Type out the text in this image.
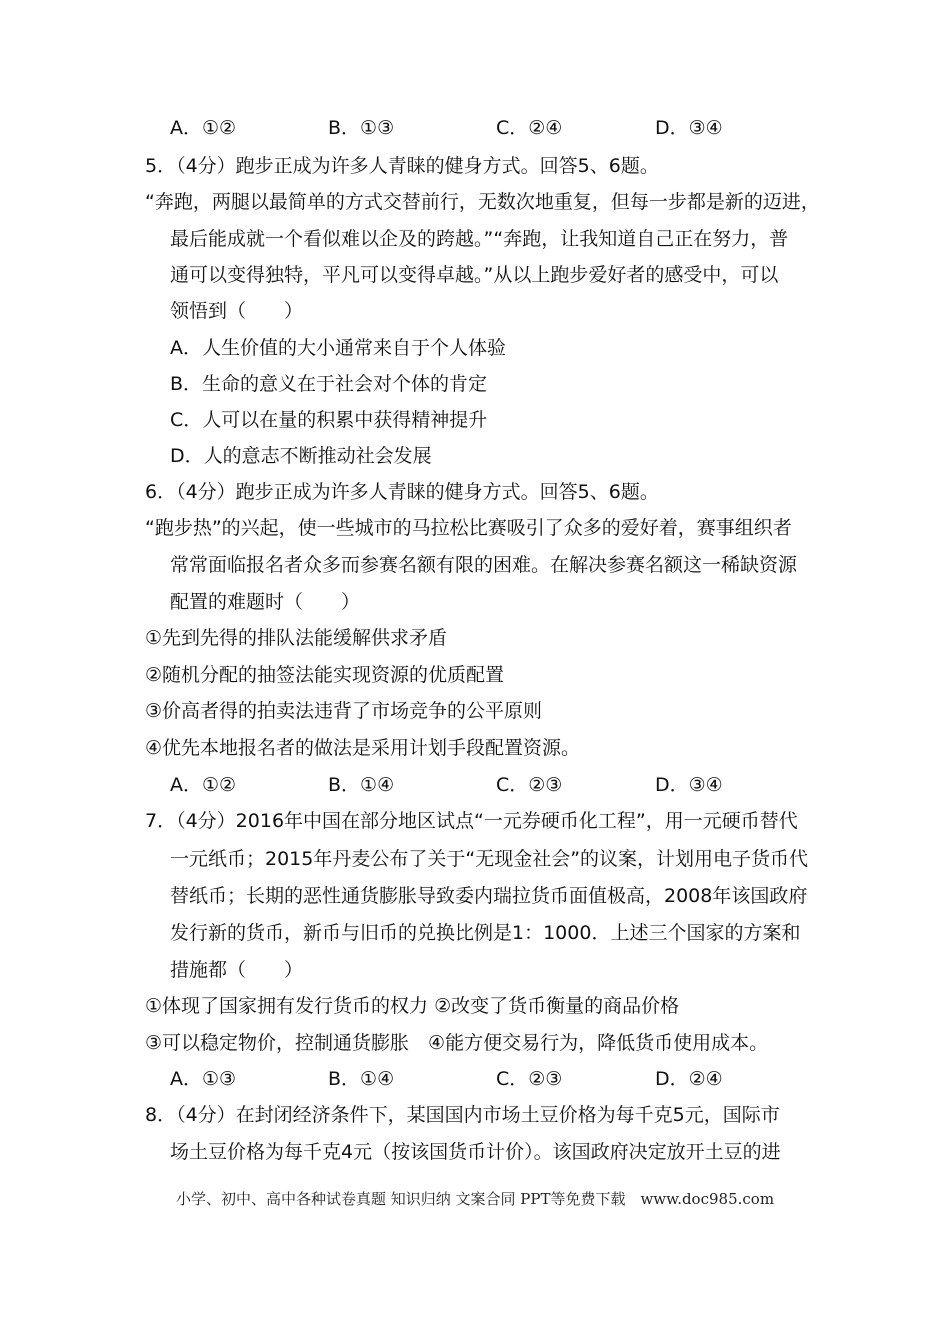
A．①②	B．①③	C．②④	D．③④
5．（4分）跑步正成为许多人青睐的健身方式。回答5、6题。
“奔跑，两腿以最简单的方式交替前行，无数次地重复，但每一步都是新的迈进，
最后能成就一个看似难以企及的跨越。”“奔跑，让我知道自己正在努力，普
通可以变得独特，平凡可以变得卓越。”从以上跑步爱好者的感受中，可以
领悟到（　　）
A．人生价值的大小通常来自于个人体验
B．生命的意义在于社会对个体的肯定
C．人可以在量的积累中获得精神提升
D．人的意志不断推动社会发展
6．（4分）跑步正成为许多人青睐的健身方式。回答5、6题。
“跑步热”的兴起，使一些城市的马拉松比赛吸引了众多的爱好着，赛事组织者
常常面临报名者众多而参赛名额有限的困难。在解决参赛名额这一稀缺资源
配置的难题时（　　）
①先到先得的排队法能缓解供求矛盾
②随机分配的抽签法能实现资源的优质配置
③价高者得的拍卖法违背了市场竞争的公平原则
④优先本地报名者的做法是采用计划手段配置资源。
A．①②	B．①④	C．②③	D．③④
7．（4分）2016年中国在部分地区试点“一元券硬币化工程”，用一元硬币替代
一元纸币；2015年丹麦公布了关于“无现金社会”的议案，计划用电子货币代
替纸币；长期的恶性通货膨胀导致委内瑞拉货币面值极高，2008年该国政府
发行新的货币，新币与旧币的兑换比例是1：1000．上述三个国家的方案和
措施都（　　）
①体现了国家拥有发行货币的权力 ②改变了货币衡量的商品价格
③可以稳定物价，控制通货膨胀　④能方便交易行为，降低货币使用成本。
A．①③	B．①④	C．②③	D．②④
8．（4分）在封闭经济条件下，某国国内市场土豆价格为每千克5元，国际市
场土豆价格为每千克4元（按该国货币计价）。该国政府决定放开土豆的进
小学、初中、高中各种试卷真题 知识归纳 文案合同 PPT等免费下载　www.doc985.com
